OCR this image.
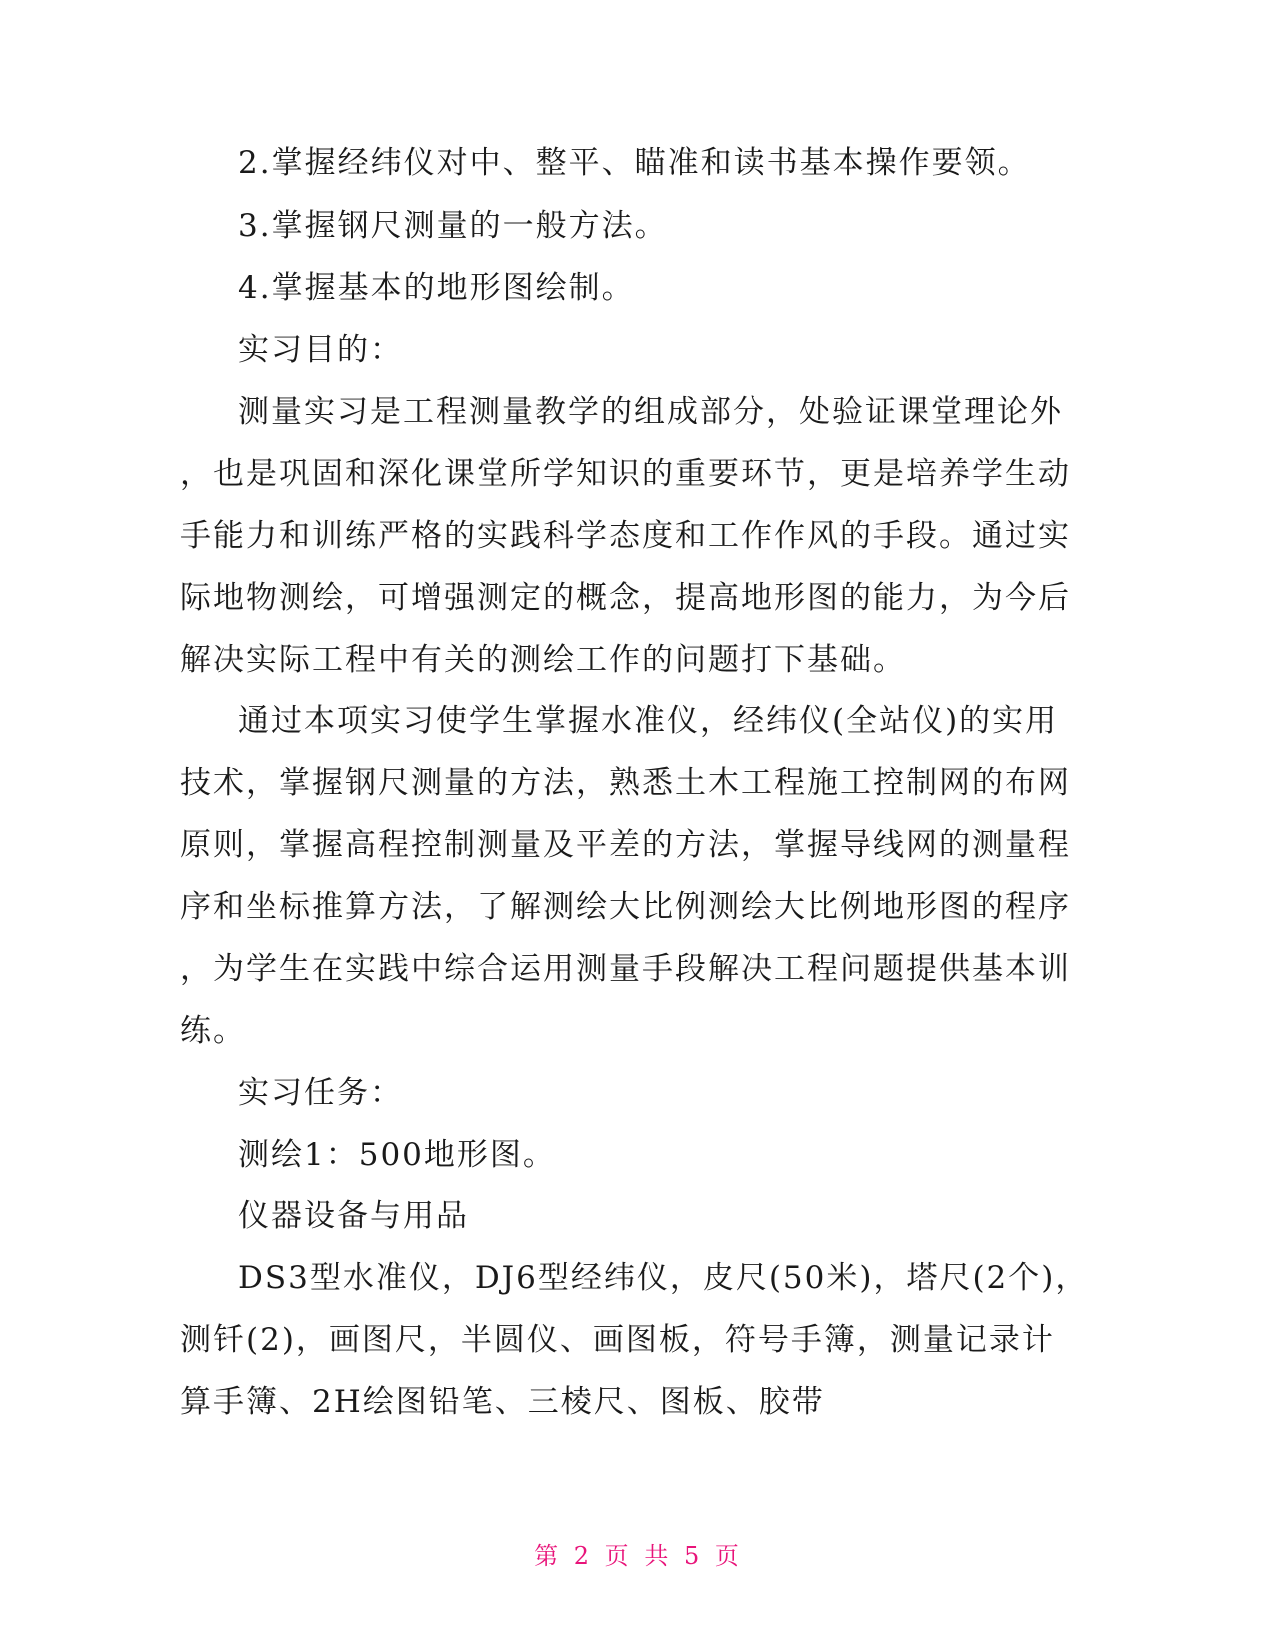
2.掌握经纬仪对中、整平、瞄准和读书基本操作要领。
3.掌握钢尺测量的一般方法。
4.掌握基本的地形图绘制。
实习目的：
测量实习是工程测量教学的组成部分，处验证课堂理论外
，也是巩固和深化课堂所学知识的重要环节，更是培养学生动
手能力和训练严格的实践科学态度和工作作风的手段。通过实
际地物测绘，可增强测定的概念，提高地形图的能力，为今后
解决实际工程中有关的测绘工作的问题打下基础。
通过本项实习使学生掌握水准仪，经纬仪(全站仪)的实用
技术，掌握钢尺测量的方法，熟悉土木工程施工控制网的布网
原则，掌握高程控制测量及平差的方法，掌握导线网的测量程
序和坐标推算方法，了解测绘大比例测绘大比例地形图的程序
，为学生在实践中综合运用测量手段解决工程问题提供基本训
练。
实习任务：
测绘1：500地形图。
仪器设备与用品
DS3型水准仪，DJ6型经纬仪，皮尺(50米)，塔尺(2个)，
测钎(2)，画图尺，半圆仪、画图板，符号手簿，测量记录计
算手簿、2H绘图铅笔、三棱尺、图板、胶带
第 2 页 共 5 页
